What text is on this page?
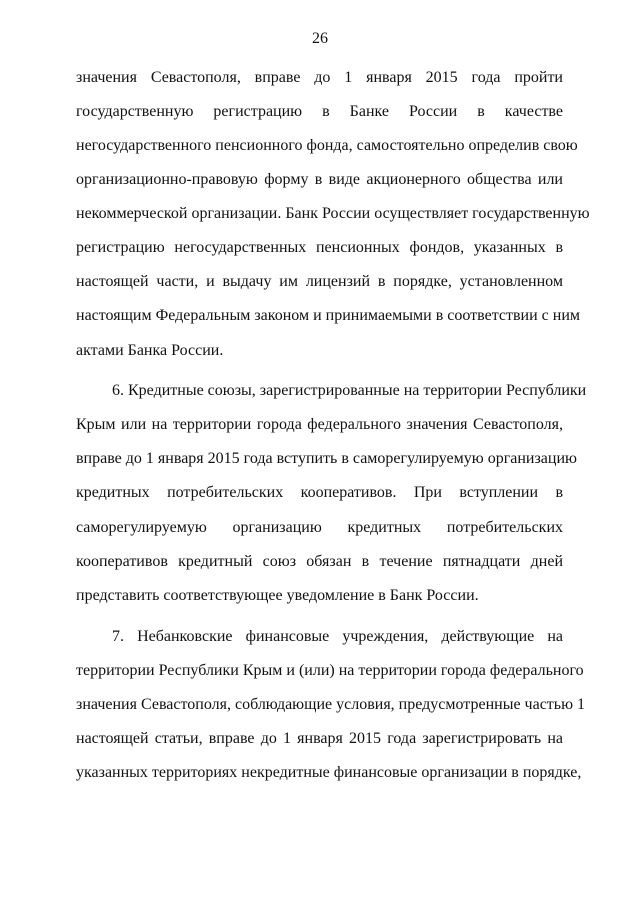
26
значения Севастополя, вправе до 1 января 2015 года пройти
государственную регистрацию в Банке России в качестве
негосударственного пенсионного фонда, самостоятельно определив свою
организационно-правовую форму в виде акционерного общества или
некоммерческой организации. Банк России осуществляет государственную
регистрацию негосударственных пенсионных фондов, указанных в
настоящей части, и выдачу им лицензий в порядке, установленном
настоящим Федеральным законом и принимаемыми в соответствии с ним
актами Банка России.
6. Кредитные союзы, зарегистрированные на территории Республики
Крым или на территории города федерального значения Севастополя,
вправе до 1 января 2015 года вступить в саморегулируемую организацию
кредитных потребительских кооперативов. При вступлении в
саморегулируемую организацию кредитных потребительских
кооперативов кредитный союз обязан в течение пятнадцати дней
представить соответствующее уведомление в Банк России.
7. Небанковские финансовые учреждения, действующие на
территории Республики Крым и (или) на территории города федерального
значения Севастополя, соблюдающие условия, предусмотренные частью 1
настоящей статьи, вправе до 1 января 2015 года зарегистрировать на
указанных территориях некредитные финансовые организации в порядке,
